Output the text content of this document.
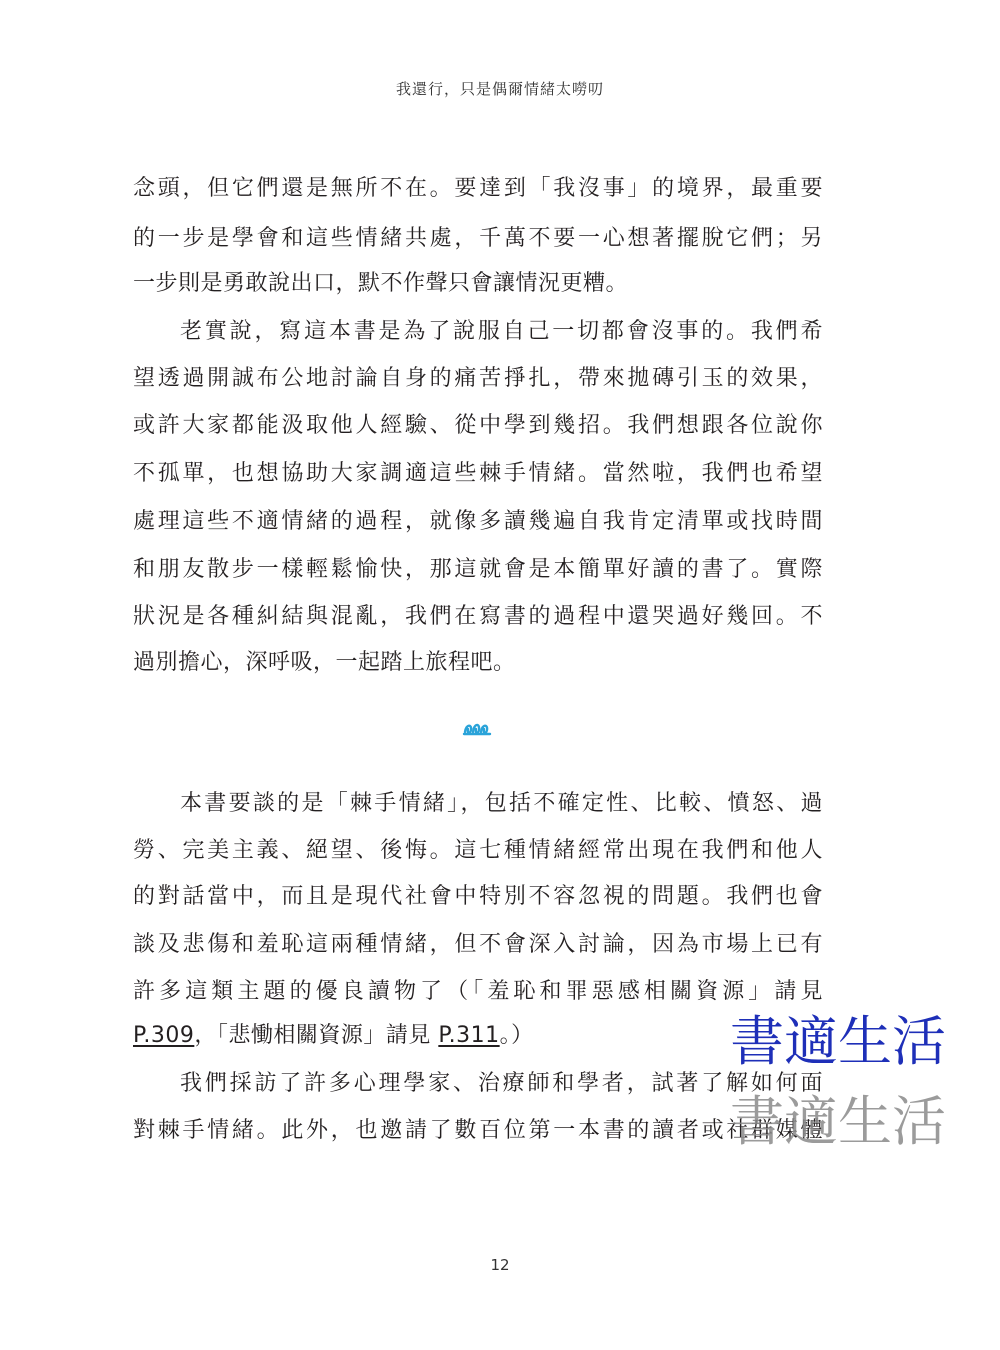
我還行，只是偶爾情緒太嘮叨
念頭，但它們還是無所不在。要達到「我沒事」的境界，最重要
的一步是學會和這些情緒共處，千萬不要一心想著擺脫它們；另
一步則是勇敢說出口，默不作聲只會讓情況更糟。
老實說，寫這本書是為了說服自己一切都會沒事的。我們希
望透過開誠布公地討論自身的痛苦掙扎，帶來拋磚引玉的效果，
或許大家都能汲取他人經驗、從中學到幾招。我們想跟各位說你
不孤單，也想協助大家調適這些棘手情緒。當然啦，我們也希望
處理這些不適情緒的過程，就像多讀幾遍自我肯定清單或找時間
和朋友散步一樣輕鬆愉快，那這就會是本簡單好讀的書了。實際
狀況是各種糾結與混亂，我們在寫書的過程中還哭過好幾回。不
過別擔心，深呼吸，一起踏上旅程吧。
本書要談的是「棘手情緒」，包括不確定性、比較、憤怒、過
勞、完美主義、絕望、後悔。這七種情緒經常出現在我們和他人
的對話當中，而且是現代社會中特別不容忽視的問題。我們也會
談及悲傷和羞恥這兩種情緒，但不會深入討論，因為市場上已有
許多這類主題的優良讀物了（「羞恥和罪惡感相關資源」請見
P.309，「悲慟相關資源」請見 P.311。）
我們採訪了許多心理學家、治療師和學者，試著了解如何面
對棘手情緒。此外，也邀請了數百位第一本書的讀者或社群媒體
書適生活
書適生活
12
